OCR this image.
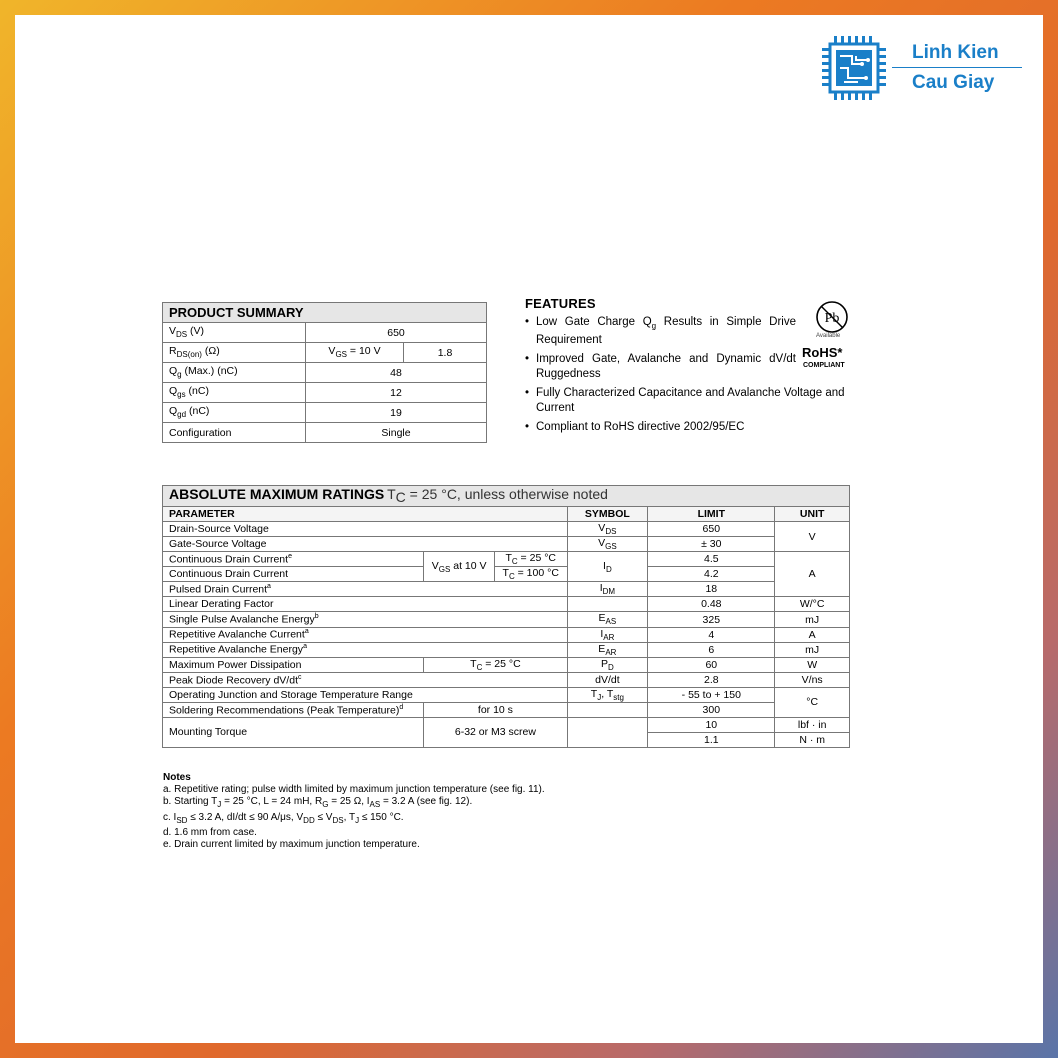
Linh Kien
Cau Giay
PRODUCT SUMMARY		
$V_{DS}$ (V)	650	
$R_{DS(on)}$ (Ω)	$V_{GS} = 10$ V	1.8
$Q_g$ (Max.) (nC)	48	
$Q_{gs}$ (nC)	12	
$Q_{gd}$ (nC)	19	
Configuration	Single	
FEATURES
• Low Gate Charge $Q_g$ Results in Simple Drive Requirement
• Improved Gate, Avalanche and Dynamic dV/dt Ruggedness
• Fully Characterized Capacitance and Avalanche Voltage and Current
• Compliant to RoHS directive 2002/95/EC
Pb
Available
RoHS*
COMPLIANT
ABSOLUTE MAXIMUM RATINGS $T_C = 25$ °C, unless otherwise noted					
PARAMETER			SYMBOL	LIMIT	UNIT
Drain-Source Voltage			$V_{DS}$	650	V
Gate-Source Voltage			$V_{GS}$	± 30	
Continuous Drain Current$^e$	$V_{GS}$ at 10 V	$T_C = 25$ °C	$I_D$	4.5	A
Continuous Drain Current		$T_C = 100$ °C		4.2	
Pulsed Drain Current$^a$			$I_{DM}$	18	
Linear Derating Factor				0.48	W/°C
Single Pulse Avalanche Energy$^b$			$E_{AS}$	325	mJ
Repetitive Avalanche Current$^a$			$I_{AR}$	4	A
Repetitive Avalanche Energy$^a$			$E_{AR}$	6	mJ
Maximum Power Dissipation	$T_C = 25$ °C		$P_D$	60	W
Peak Diode Recovery $dV/dt^c$			dV/dt	2.8	V/ns
Operating Junction and Storage Temperature Range			$T_J$, $T_{stg}$	- 55 to + 150	°C
Soldering Recommendations (Peak Temperature)$^d$	for 10 s			300	
Mounting Torque	6-32 or M3 screw			10	lbf · in
				1.1	N · m
Notes
a. Repetitive rating; pulse width limited by maximum junction temperature (see fig. 11).
b. Starting $T_J = 25$ °C, L = 24 mH, $R_G = 25$ Ω, $I_{AS} = 3.2$ A (see fig. 12).
c. $I_{SD} \le 3.2$ A, dI/dt ≤ 90 A/μs, $V_{DD} \le V_{DS}$, $T_J \le 150$ °C.
d. 1.6 mm from case.
e. Drain current limited by maximum junction temperature.
